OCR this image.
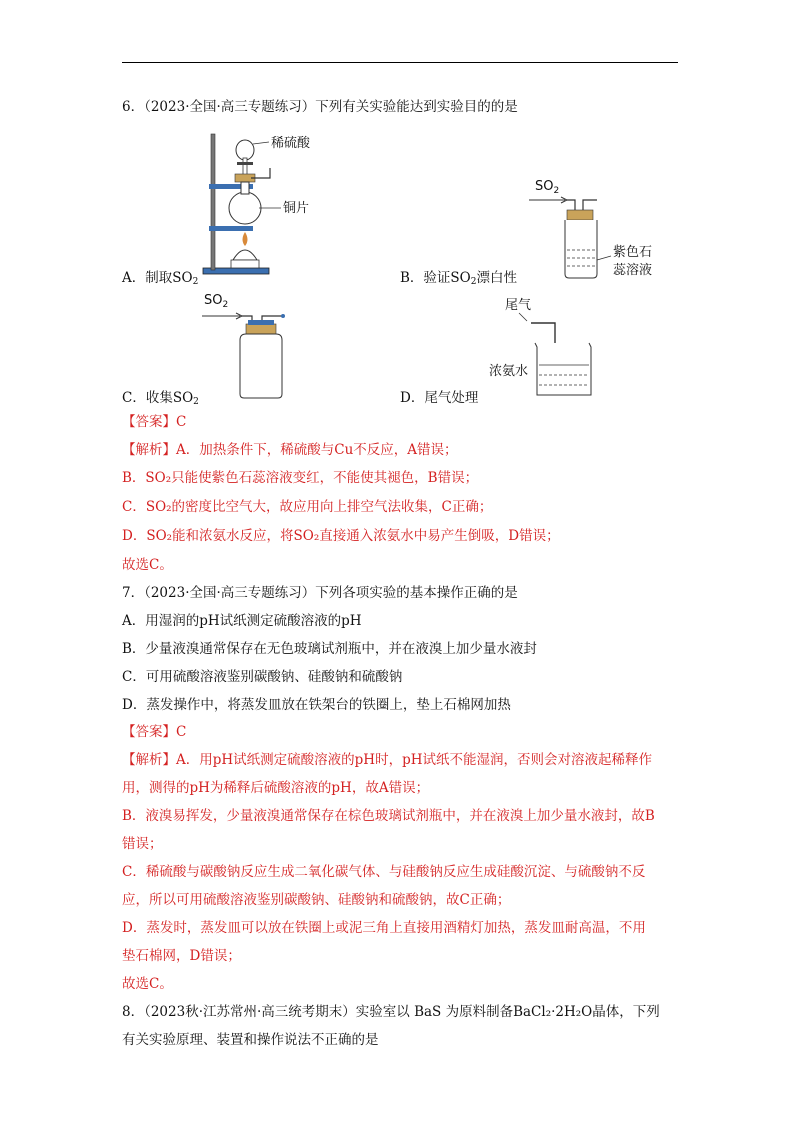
6．（2023·全国·高三专题练习）下列有关实验能达到实验目的的是
稀硫酸
铜片
$SO_2$
紫色石
蕊溶液
$SO_2$	尾气
浓氨水
A．制取$SO_2$	B．验证$SO_2$漂白性
C．收集$SO_2$	D．尾气处理
【答案】C
【解析】A．加热条件下，稀硫酸与Cu不反应，A错误；
B．SO₂只能使紫色石蕊溶液变红，不能使其褪色，B错误；
C．SO₂的密度比空气大，故应用向上排空气法收集，C正确；
D．SO₂能和浓氨水反应，将SO₂直接通入浓氨水中易产生倒吸，D错误；
故选C。
7．（2023·全国·高三专题练习）下列各项实验的基本操作正确的是
A．用湿润的pH试纸测定硫酸溶液的pH
B．少量液溴通常保存在无色玻璃试剂瓶中，并在液溴上加少量水液封
C．可用硫酸溶液鉴别碳酸钠、硅酸钠和硫酸钠
D．蒸发操作中，将蒸发皿放在铁架台的铁圈上，垫上石棉网加热
【答案】C
【解析】A．用pH试纸测定硫酸溶液的pH时，pH试纸不能湿润，否则会对溶液起稀释作
用，测得的pH为稀释后硫酸溶液的pH，故A错误；
B．液溴易挥发，少量液溴通常保存在棕色玻璃试剂瓶中，并在液溴上加少量水液封，故B
错误；
C．稀硫酸与碳酸钠反应生成二氧化碳气体、与硅酸钠反应生成硅酸沉淀、与硫酸钠不反
应，所以可用硫酸溶液鉴别碳酸钠、硅酸钠和硫酸钠，故C正确；
D．蒸发时，蒸发皿可以放在铁圈上或泥三角上直接用酒精灯加热，蒸发皿耐高温，不用
垫石棉网，D错误；
故选C。
8．（2023秋·江苏常州·高三统考期末）实验室以 BaS 为原料制备BaCl₂·2H₂O晶体，下列
有关实验原理、装置和操作说法不正确的是
